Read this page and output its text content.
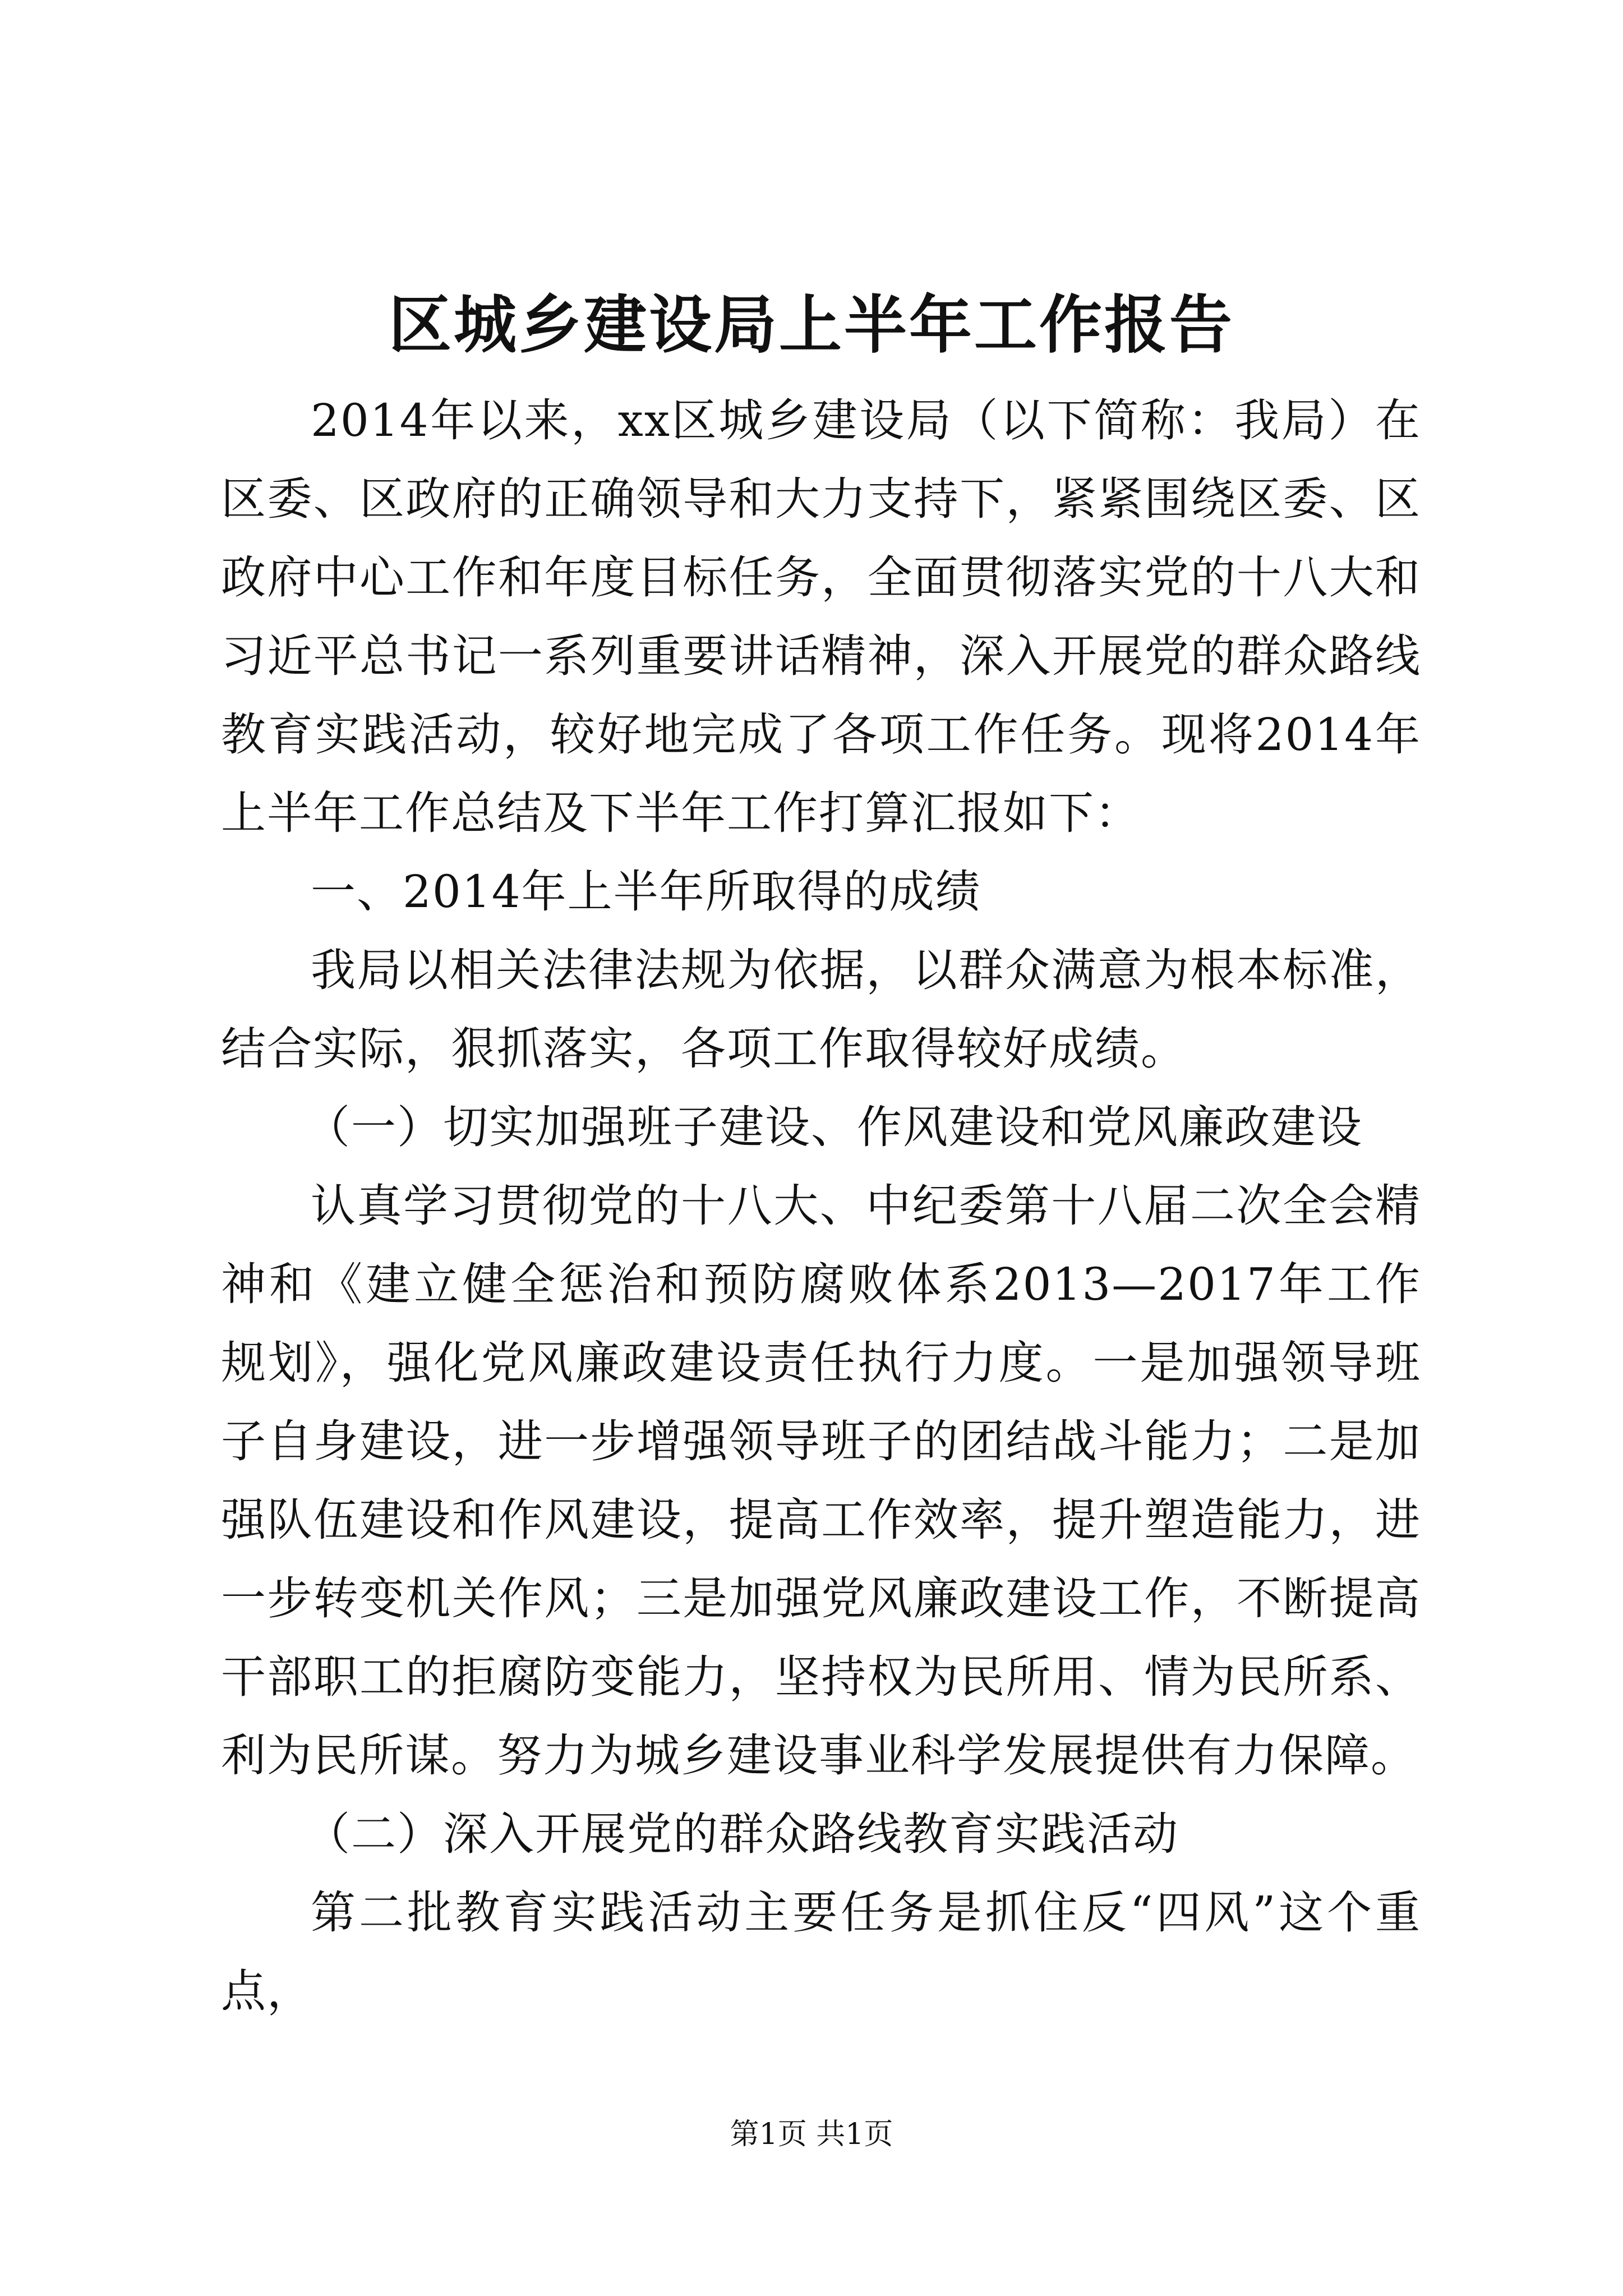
区城乡建设局上半年工作报告

2014年以来，xx区城乡建设局（以下简称：我局）在区委、区政府的正确领导和大力支持下，紧紧围绕区委、区政府中心工作和年度目标任务，全面贯彻落实党的十八大和习近平总书记一系列重要讲话精神，深入开展党的群众路线教育实践活动，较好地完成了各项工作任务。现将2014年上半年工作总结及下半年工作打算汇报如下：

一、2014年上半年所取得的成绩

我局以相关法律法规为依据，以群众满意为根本标准，结合实际，狠抓落实，各项工作取得较好成绩。

（一）切实加强班子建设、作风建设和党风廉政建设

认真学习贯彻党的十八大、中纪委第十八届二次全会精神和《建立健全惩治和预防腐败体系2013—2017年工作规划》，强化党风廉政建设责任执行力度。一是加强领导班子自身建设，进一步增强领导班子的团结战斗能力；二是加强队伍建设和作风建设，提高工作效率，提升塑造能力，进一步转变机关作风；三是加强党风廉政建设工作，不断提高干部职工的拒腐防变能力，坚持权为民所用、情为民所系、利为民所谋。努力为城乡建设事业科学发展提供有力保障。

（二）深入开展党的群众路线教育实践活动

第二批教育实践活动主要任务是抓住反“四风”这个重点，

第1页 共1页
